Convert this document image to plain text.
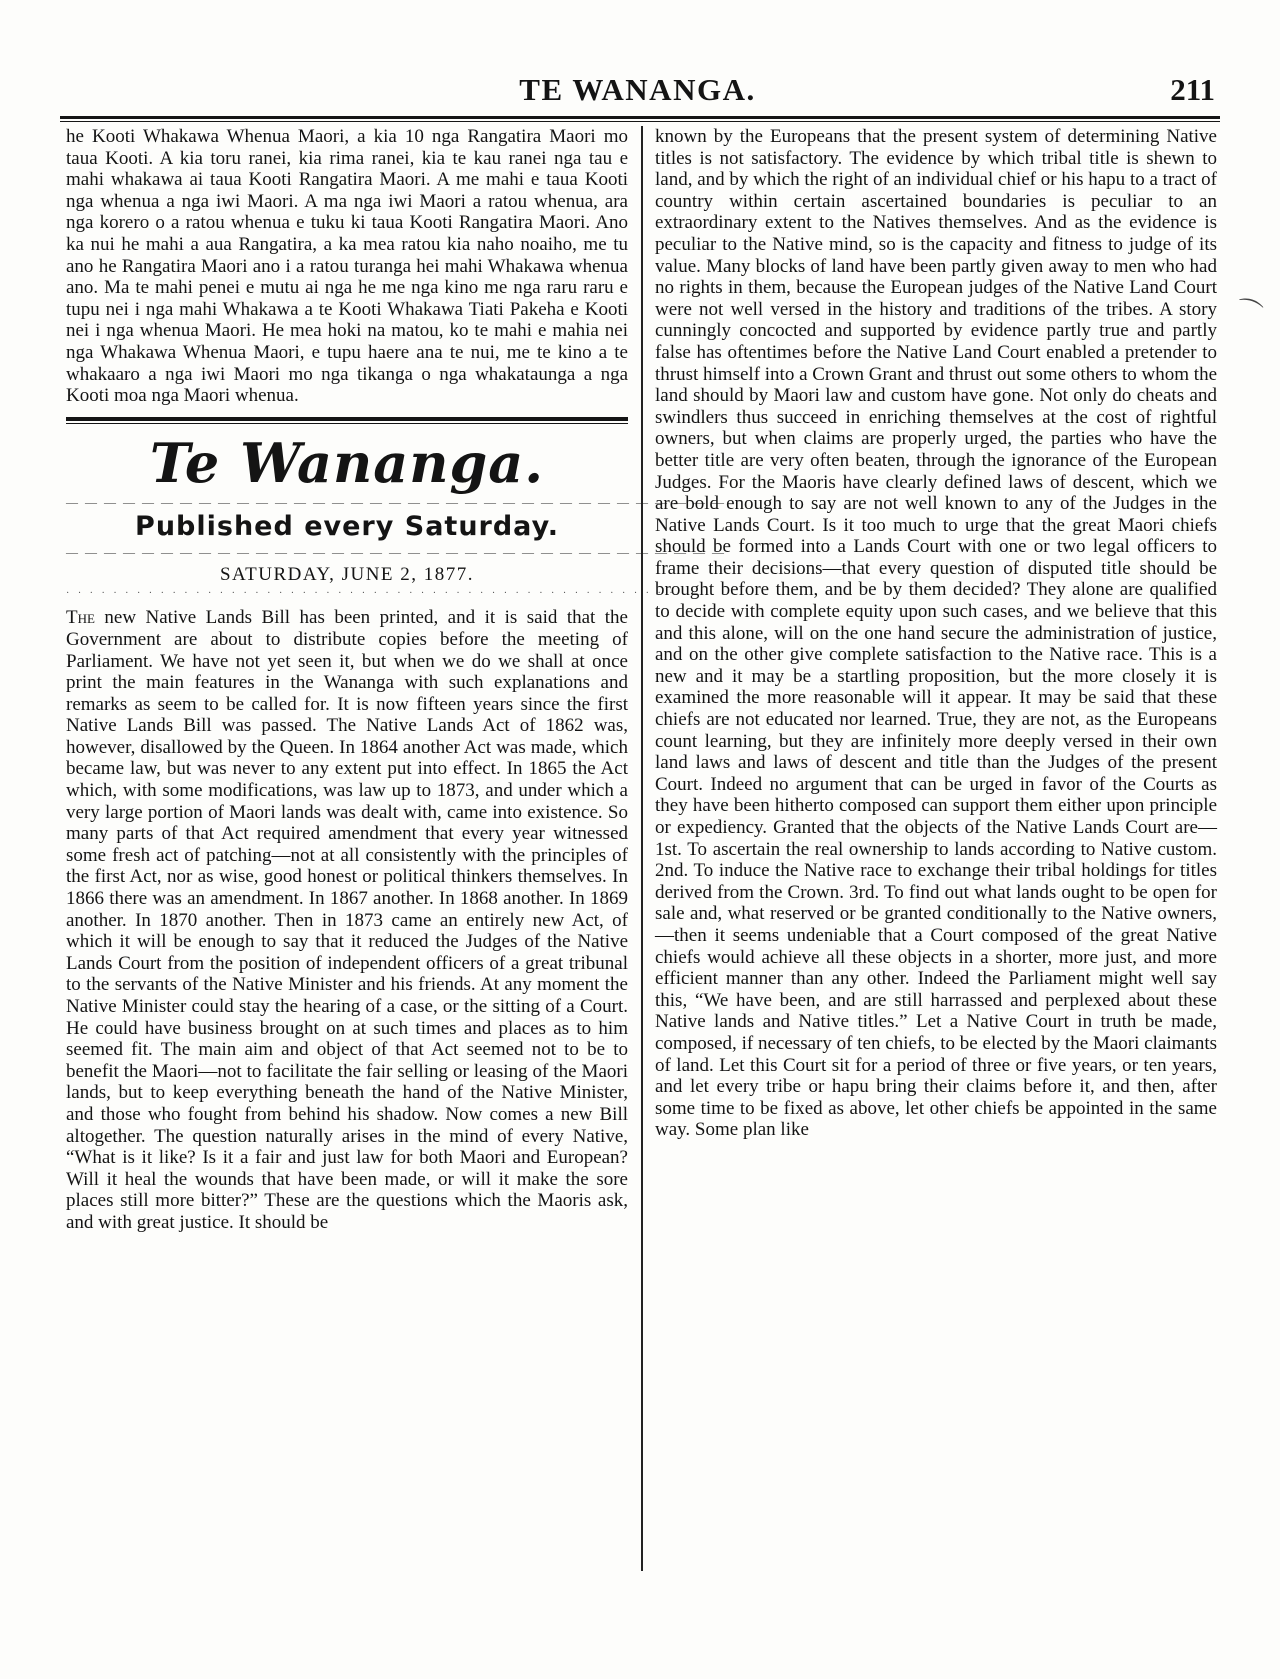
TE WANANGA.	211

he Kooti Whakawa Whenua Maori, a kia 10 nga Rangatira Maori mo taua Kooti. A kia toru ranei, kia rima ranei, kia te kau ranei nga tau e mahi whakawa ai taua Kooti Rangatira Maori. A me mahi e taua Kooti nga whenua a nga iwi Maori. A ma nga iwi Maori a ratou whenua, ara nga korero o a ratou whenua e tuku ki taua Kooti Rangatira Maori. Ano ka nui he mahi a aua Rangatira, a ka mea ratou kia naho noaiho, me tu ano he Rangatira Maori ano i a ratou turanga hei mahi Whakawa whenua ano. Ma te mahi penei e mutu ai nga he me nga kino me nga raru raru e tupu nei i nga mahi Whakawa a te Kooti Whakawa Tiati Pakeha e Kooti nei i nga whenua Maori. He mea hoki na matou, ko te mahi e mahia nei nga Whakawa Whenua Maori, e tupu haere ana te nui, me te kino a te whakaaro a nga iwi Maori mo nga tikanga o nga whakataunga a nga Kooti moa nga Maori whenua.

Te Wananga.
— — — — — — — — — — — — — — — — — — — — — — — — — — — — — — — — — — —
Published every Saturday.
— — — — — — — — — — — — — — — — — — — — — — — — — — — — — — — — — — —
SATURDAY, JUNE 2, 1877.
· · · · · · · · · · · · · · · · · · · · · · · · · · · · · · · · · · · · · · · · · · · · · · · · · · · ·

The new Native Lands Bill has been printed, and it is said that the Government are about to distribute copies before the meeting of Parliament. We have not yet seen it, but when we do we shall at once print the main features in the Wananga with such explanations and remarks as seem to be called for. It is now fifteen years since the first Native Lands Bill was passed. The Native Lands Act of 1862 was, however, disallowed by the Queen. In 1864 another Act was made, which became law, but was never to any extent put into effect. In 1865 the Act which, with some modifications, was law up to 1873, and under which a very large portion of Maori lands was dealt with, came into existence. So many parts of that Act required amendment that every year witnessed some fresh act of patching—not at all consistently with the principles of the first Act, nor as wise, good honest or political thinkers themselves. In 1866 there was an amendment. In 1867 another. In 1868 another. In 1869 another. In 1870 another. Then in 1873 came an entirely new Act, of which it will be enough to say that it reduced the Judges of the Native Lands Court from the position of independent officers of a great tribunal to the servants of the Native Minister and his friends. At any moment the Native Minister could stay the hearing of a case, or the sitting of a Court. He could have business brought on at such times and places as to him seemed fit. The main aim and object of that Act seemed not to be to benefit the Maori—not to facilitate the fair selling or leasing of the Maori lands, but to keep everything beneath the hand of the Native Minister, and those who fought from behind his shadow. Now comes a new Bill altogether. The question naturally arises in the mind of every Native, “What is it like? Is it a fair and just law for both Maori and European? Will it heal the wounds that have been made, or will it make the sore places still more bitter?” These are the questions which the Maoris ask, and with great justice. It should be

known by the Europeans that the present system of determining Native titles is not satisfactory. The evidence by which tribal title is shewn to land, and by which the right of an individual chief or his hapu to a tract of country within certain ascertained boundaries is peculiar to an extraordinary extent to the Natives themselves. And as the evidence is peculiar to the Native mind, so is the capacity and fitness to judge of its value. Many blocks of land have been partly given away to men who had no rights in them, because the European judges of the Native Land Court were not well versed in the history and traditions of the tribes. A story cunningly concocted and supported by evidence partly true and partly false has oftentimes before the Native Land Court enabled a pretender to thrust himself into a Crown Grant and thrust out some others to whom the land should by Maori law and custom have gone. Not only do cheats and swindlers thus succeed in enriching themselves at the cost of rightful owners, but when claims are properly urged, the parties who have the better title are very often beaten, through the ignorance of the European Judges. For the Maoris have clearly defined laws of descent, which we are bold enough to say are not well known to any of the Judges in the Native Lands Court. Is it too much to urge that the great Maori chiefs should be formed into a Lands Court with one or two legal officers to frame their decisions—that every question of disputed title should be brought before them, and be by them decided? They alone are qualified to decide with complete equity upon such cases, and we believe that this and this alone, will on the one hand secure the administration of justice, and on the other give complete satisfaction to the Native race. This is a new and it may be a startling proposition, but the more closely it is examined the more reasonable will it appear. It may be said that these chiefs are not educated nor learned. True, they are not, as the Europeans count learning, but they are infinitely more deeply versed in their own land laws and laws of descent and title than the Judges of the present Court. Indeed no argument that can be urged in favor of the Courts as they have been hitherto composed can support them either upon principle or expediency. Granted that the objects of the Native Lands Court are—1st. To ascertain the real ownership to lands according to Native custom. 2nd. To induce the Native race to exchange their tribal holdings for titles derived from the Crown. 3rd. To find out what lands ought to be open for sale and, what reserved or be granted conditionally to the Native owners,—then it seems undeniable that a Court composed of the great Native chiefs would achieve all these objects in a shorter, more just, and more efficient manner than any other. Indeed the Parliament might well say this, “We have been, and are still harrassed and perplexed about these Native lands and Native titles.” Let a Native Court in truth be made, composed, if necessary of ten chiefs, to be elected by the Maori claimants of land. Let this Court sit for a period of three or five years, or ten years, and let every tribe or hapu bring their claims before it, and then, after some time to be fixed as above, let other chiefs be appointed in the same way. Some plan like

⌒
